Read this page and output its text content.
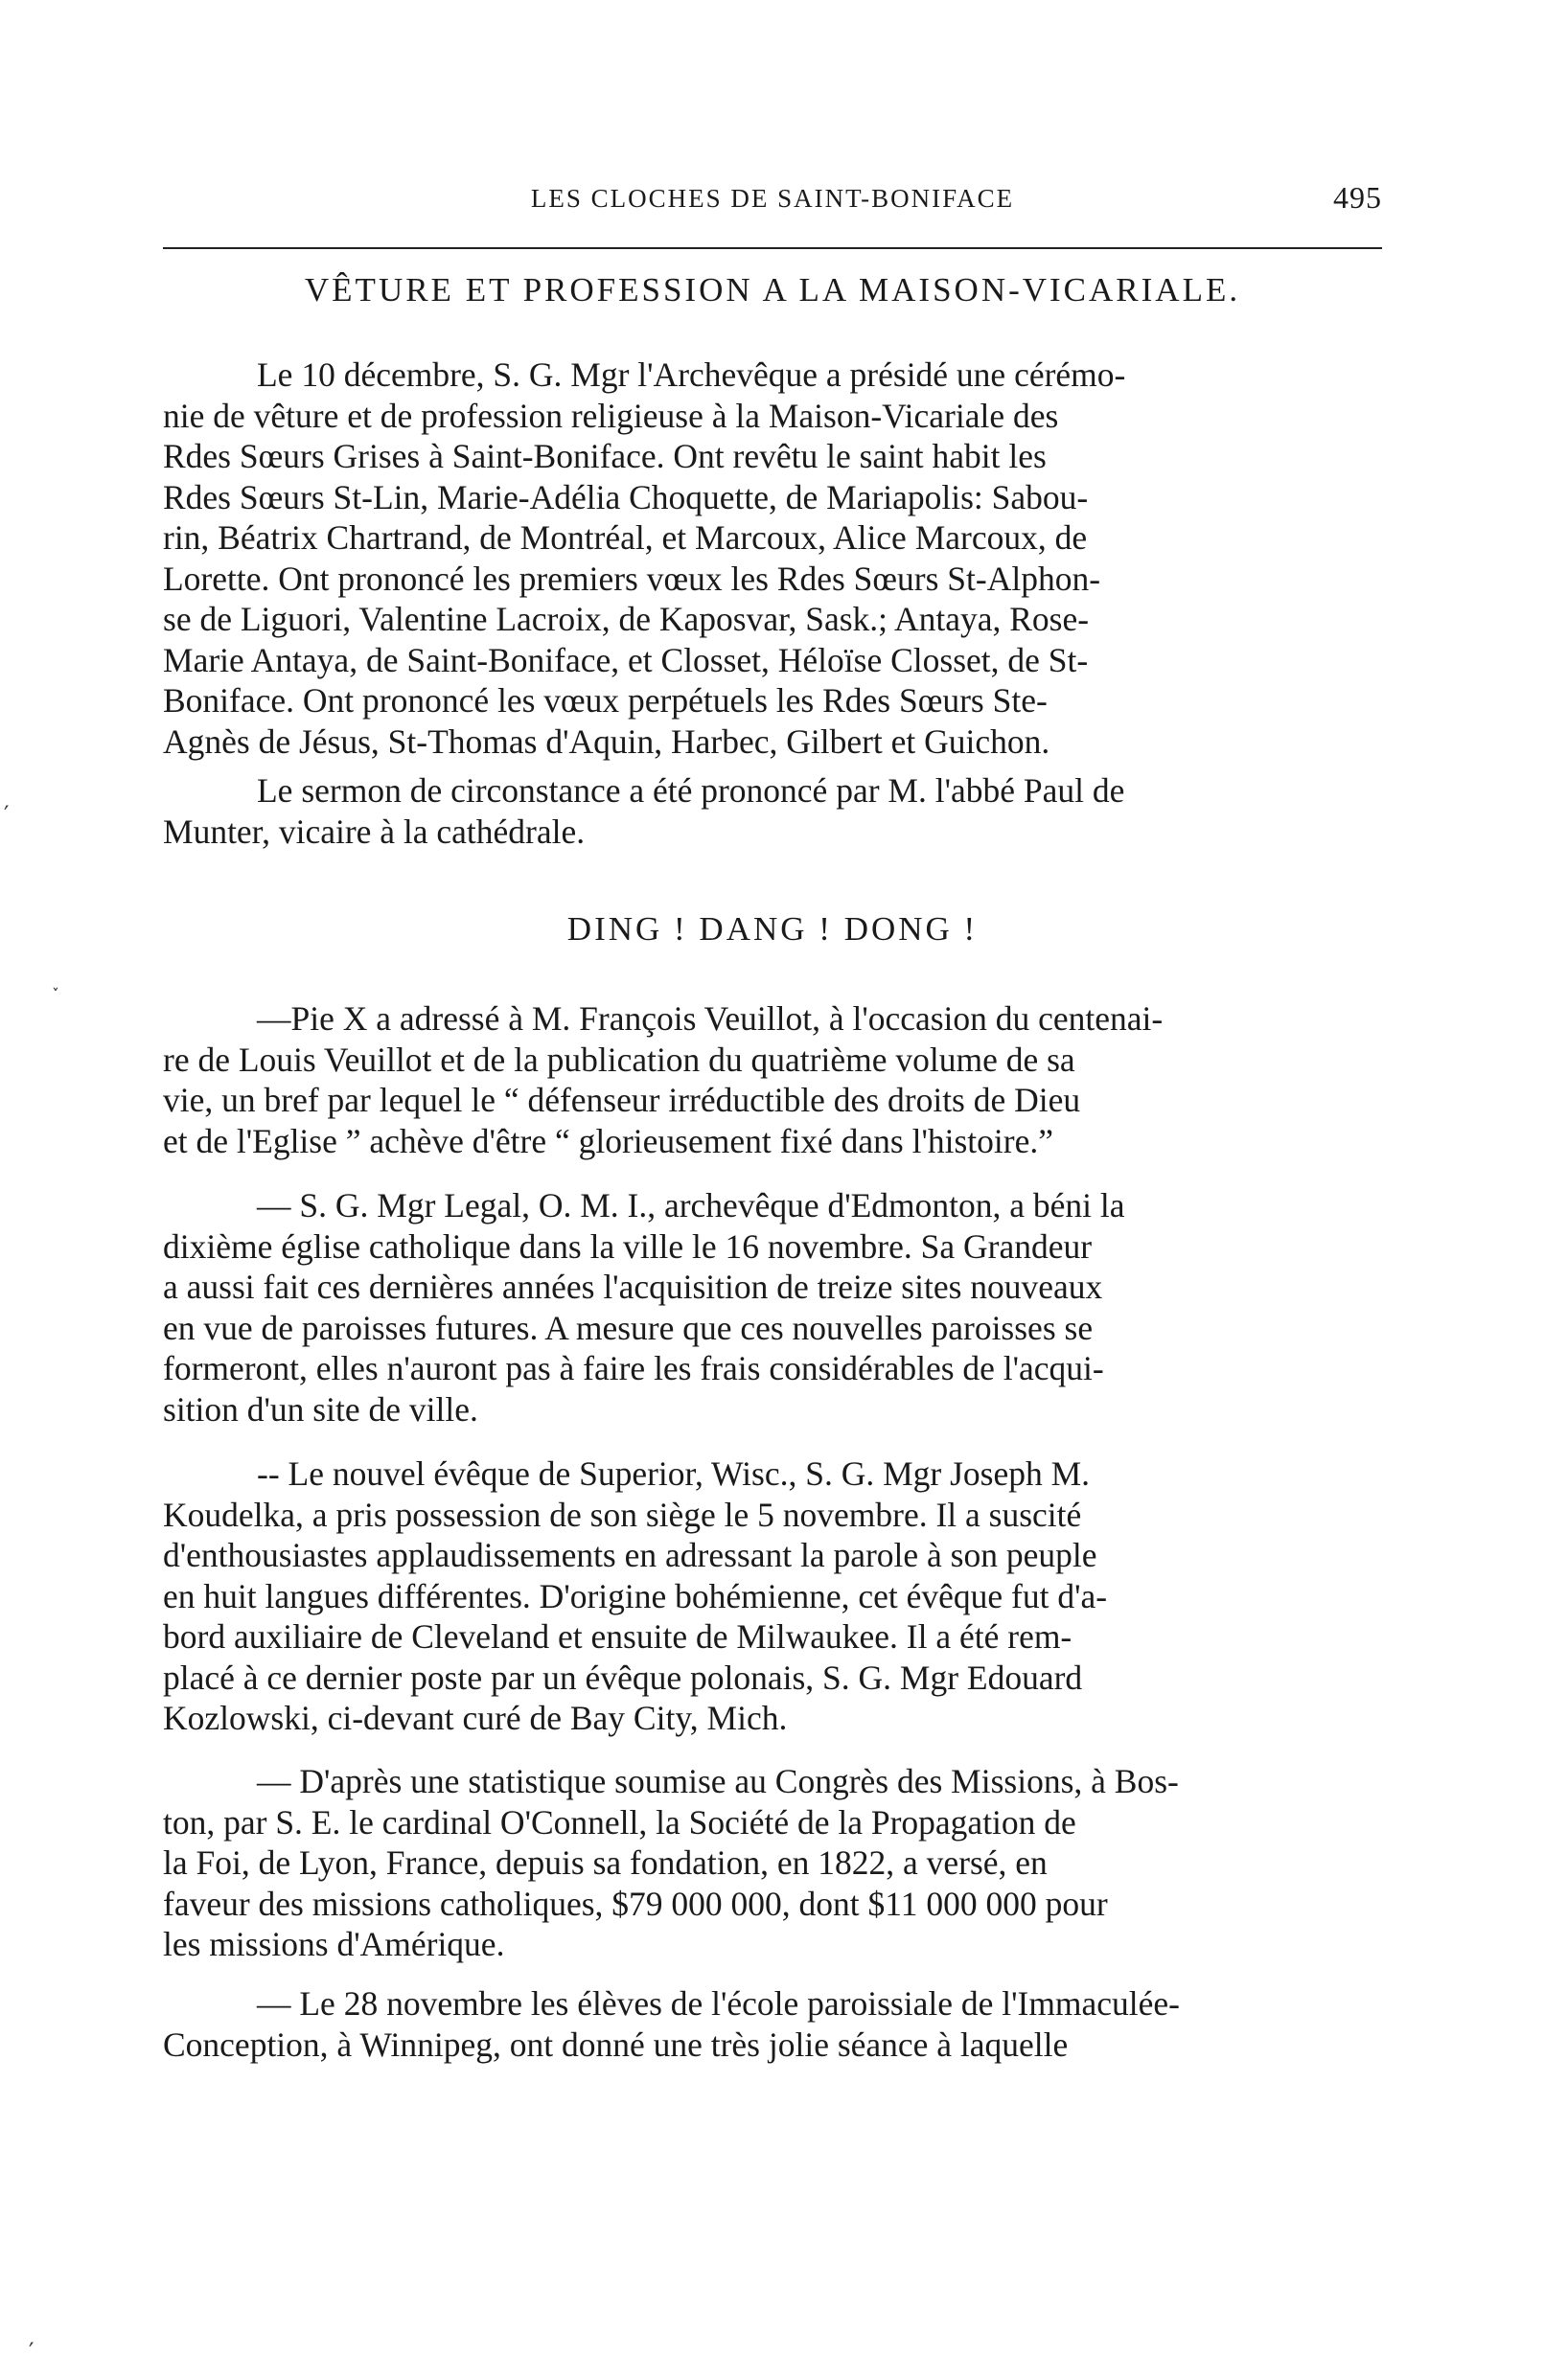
LES CLOCHES DE SAINT-BONIFACE	495
VÊTURE ET PROFESSION A LA MAISON-VICARIALE.

Le 10 décembre, S. G. Mgr l'Archevêque a présidé une cérémo-
nie de vêture et de profession religieuse à la Maison-Vicariale des
Rdes Sœurs Grises à Saint-Boniface. Ont revêtu le saint habit les
Rdes Sœurs St-Lin, Marie-Adélia Choquette, de Mariapolis: Sabou-
rin, Béatrix Chartrand, de Montréal, et Marcoux, Alice Marcoux, de
Lorette. Ont prononcé les premiers vœux les Rdes Sœurs St-Alphon-
se de Liguori, Valentine Lacroix, de Kaposvar, Sask.; Antaya, Rose-
Marie Antaya, de Saint-Boniface, et Closset, Héloïse Closset, de St-
Boniface. Ont prononcé les vœux perpétuels les Rdes Sœurs Ste-
Agnès de Jésus, St-Thomas d'Aquin, Harbec, Gilbert et Guichon.

Le sermon de circonstance a été prononcé par M. l'abbé Paul de
Munter, vicaire à la cathédrale.

DING ! DANG ! DONG !

—Pie X a adressé à M. François Veuillot, à l'occasion du centenai-
re de Louis Veuillot et de la publication du quatrième volume de sa
vie, un bref par lequel le “ défenseur irréductible des droits de Dieu
et de l'Eglise ” achève d'être “ glorieusement fixé dans l'histoire.”

— S. G. Mgr Legal, O. M. I., archevêque d'Edmonton, a béni la
dixième église catholique dans la ville le 16 novembre. Sa Grandeur
a aussi fait ces dernières années l'acquisition de treize sites nouveaux
en vue de paroisses futures. A mesure que ces nouvelles paroisses se
formeront, elles n'auront pas à faire les frais considérables de l'acqui-
sition d'un site de ville.

-- Le nouvel évêque de Superior, Wisc., S. G. Mgr Joseph M.
Koudelka, a pris possession de son siège le 5 novembre. Il a suscité
d'enthousiastes applaudissements en adressant la parole à son peuple
en huit langues différentes. D'origine bohémienne, cet évêque fut d'a-
bord auxiliaire de Cleveland et ensuite de Milwaukee. Il a été rem-
placé à ce dernier poste par un évêque polonais, S. G. Mgr Edouard
Kozlowski, ci-devant curé de Bay City, Mich.

— D'après une statistique soumise au Congrès des Missions, à Bos-
ton, par S. E. le cardinal O'Connell, la Société de la Propagation de
la Foi, de Lyon, France, depuis sa fondation, en 1822, a versé, en
faveur des missions catholiques, $79 000 000, dont $11 000 000 pour
les missions d'Amérique.

— Le 28 novembre les élèves de l'école paroissiale de l'Immaculée-
Conception, à Winnipeg, ont donné une très jolie séance à laquelle

′
˯
′
